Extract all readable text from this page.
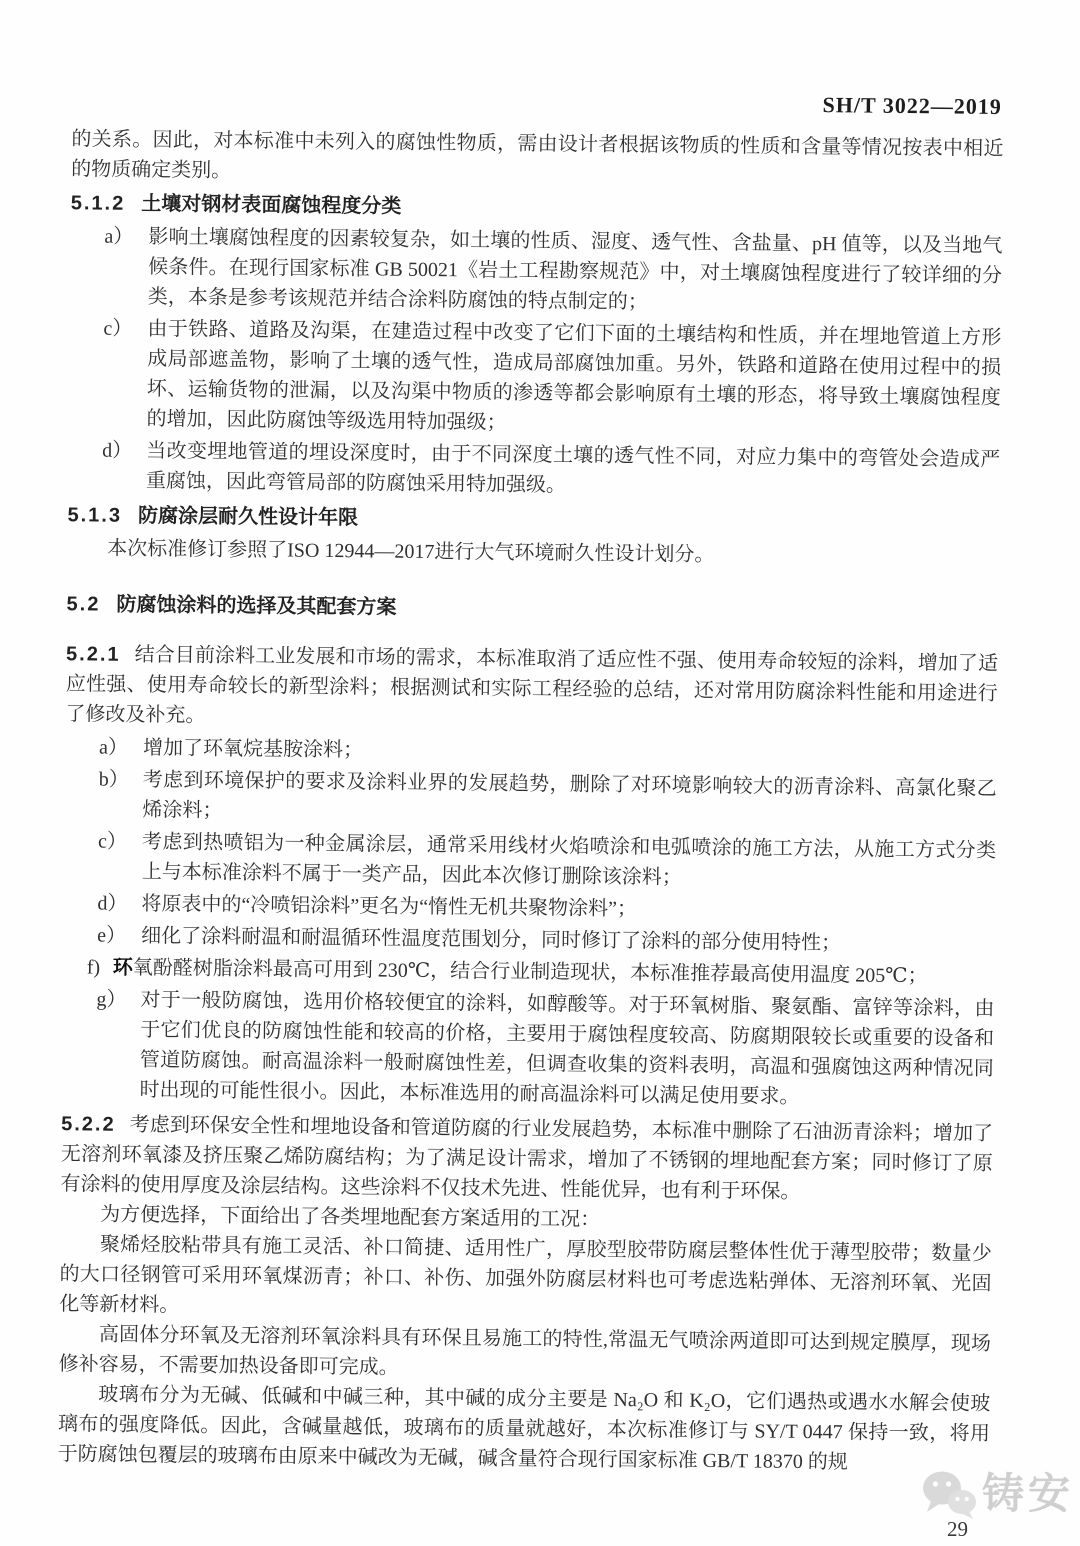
SH/T 3022—2019

的关系。因此，对本标准中未列入的腐蚀性物质，需由设计者根据该物质的性质和含量等情况按表中相近的物质确定类别。

5.1.2 土壤对钢材表面腐蚀程度分类
a） 影响土壤腐蚀程度的因素较复杂，如土壤的性质、湿度、透气性、含盐量、pH 值等，以及当地气候条件。在现行国家标准 GB 50021《岩土工程勘察规范》中，对土壤腐蚀程度进行了较详细的分类，本条是参考该规范并结合涂料防腐蚀的特点制定的；
c） 由于铁路、道路及沟渠，在建造过程中改变了它们下面的土壤结构和性质，并在埋地管道上方形成局部遮盖物，影响了土壤的透气性，造成局部腐蚀加重。另外，铁路和道路在使用过程中的损坏、运输货物的泄漏，以及沟渠中物质的渗透等都会影响原有土壤的形态，将导致土壤腐蚀程度的增加，因此防腐蚀等级选用特加强级；
d） 当改变埋地管道的埋设深度时，由于不同深度土壤的透气性不同，对应力集中的弯管处会造成严重腐蚀，因此弯管局部的防腐蚀采用特加强级。
5.1.3 防腐涂层耐久性设计年限

本次标准修订参照了ISO 12944—2017进行大气环境耐久性设计划分。

5.2 防腐蚀涂料的选择及其配套方案

5.2.1 结合目前涂料工业发展和市场的需求，本标准取消了适应性不强、使用寿命较短的涂料，增加了适应性强、使用寿命较长的新型涂料；根据测试和实际工程经验的总结，还对常用防腐涂料性能和用途进行了修改及补充。

a） 增加了环氧烷基胺涂料；
b） 考虑到环境保护的要求及涂料业界的发展趋势，删除了对环境影响较大的沥青涂料、高氯化聚乙烯涂料；
c） 考虑到热喷铝为一种金属涂层，通常采用线材火焰喷涂和电弧喷涂的施工方法，从施工方式分类上与本标准涂料不属于一类产品，因此本次修订删除该涂料；
d） 将原表中的“冷喷铝涂料”更名为“惰性无机共聚物涂料”；
e） 细化了涂料耐温和耐温循环性温度范围划分，同时修订了涂料的部分使用特性；
f) 环氧酚醛树脂涂料最高可用到 230℃，结合行业制造现状，本标准推荐最高使用温度 205℃；
g） 对于一般防腐蚀，选用价格较便宜的涂料，如醇酸等。对于环氧树脂、聚氨酯、富锌等涂料，由于它们优良的防腐蚀性能和较高的价格，主要用于腐蚀程度较高、防腐期限较长或重要的设备和管道防腐蚀。耐高温涂料一般耐腐蚀性差，但调查收集的资料表明，高温和强腐蚀这两种情况同时出现的可能性很小。因此，本标准选用的耐高温涂料可以满足使用要求。

5.2.2 考虑到环保安全性和埋地设备和管道防腐的行业发展趋势，本标准中删除了石油沥青涂料；增加了无溶剂环氧漆及挤压聚乙烯防腐结构；为了满足设计需求，增加了不锈钢的埋地配套方案；同时修订了原有涂料的使用厚度及涂层结构。这些涂料不仅技术先进、性能优异，也有利于环保。

为方便选择，下面给出了各类埋地配套方案适用的工况：

聚烯烃胶粘带具有施工灵活、补口简捷、适用性广，厚胶型胶带防腐层整体性优于薄型胶带；数量少的大口径钢管可采用环氧煤沥青；补口、补伤、加强外防腐层材料也可考虑选粘弹体、无溶剂环氧、光固化等新材料。

高固体分环氧及无溶剂环氧涂料具有环保且易施工的特性,常温无气喷涂两道即可达到规定膜厚，现场修补容易，不需要加热设备即可完成。

玻璃布分为无碱、低碱和中碱三种，其中碱的成分主要是 Na₂O 和 K₂O，它们遇热或遇水水解会使玻璃布的强度降低。因此，含碱量越低，玻璃布的质量就越好，本次标准修订与 SY/T 0447 保持一致，将用于防腐蚀包覆层的玻璃布由原来中碱改为无碱，碱含量符合现行国家标准 GB/T 18370 的规

铸安
29
